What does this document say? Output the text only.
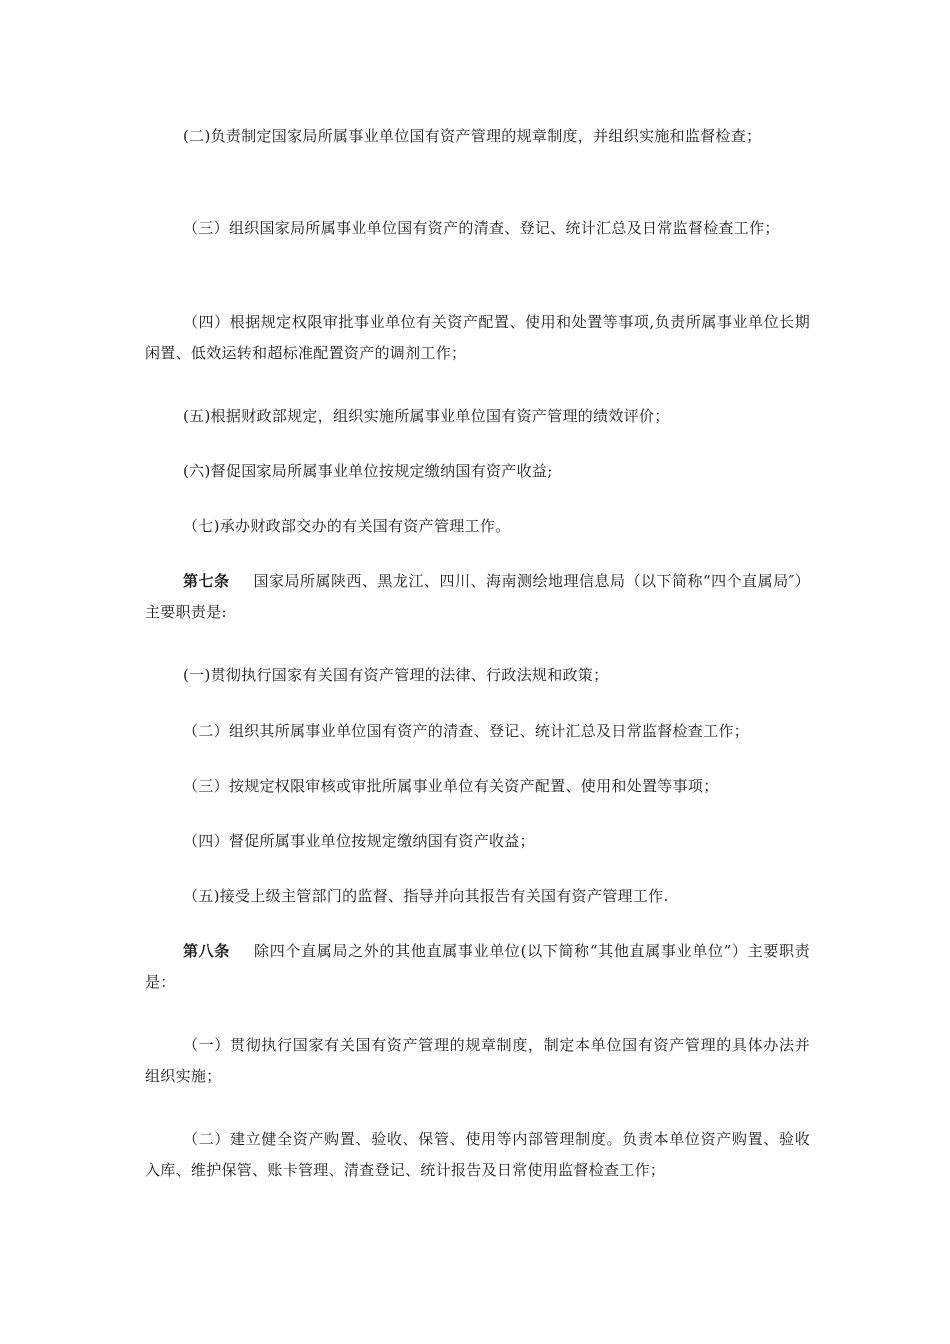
(二)负责制定国家局所属事业单位国有资产管理的规章制度，并组织实施和监督检查；

（三）组织国家局所属事业单位国有资产的清查、登记、统计汇总及日常监督检查工作；

（四）根据规定权限审批事业单位有关资产配置、使用和处置等事项,负责所属事业单位长期闲置、低效运转和超标准配置资产的调剂工作；

(五)根据财政部规定，组织实施所属事业单位国有资产管理的绩效评价；

(六)督促国家局所属事业单位按规定缴纳国有资产收益;

（七)承办财政部交办的有关国有资产管理工作。

第七条 国家局所属陕西、黑龙江、四川、海南测绘地理信息局（以下简称“四个直属局″）主要职责是:

(一)贯彻执行国家有关国有资产管理的法律、行政法规和政策；

（二）组织其所属事业单位国有资产的清查、登记、统计汇总及日常监督检查工作；

（三）按规定权限审核或审批所属事业单位有关资产配置、使用和处置等事项；

（四）督促所属事业单位按规定缴纳国有资产收益；

（五)接受上级主管部门的监督、指导并向其报告有关国有资产管理工作.

第八条 除四个直属局之外的其他直属事业单位(以下简称“其他直属事业单位”）主要职责是：

（一）贯彻执行国家有关国有资产管理的规章制度，制定本单位国有资产管理的具体办法并组织实施；

（二）建立健全资产购置、验收、保管、使用等内部管理制度。负责本单位资产购置、验收入库、维护保管、账卡管理、清查登记、统计报告及日常使用监督检查工作；
